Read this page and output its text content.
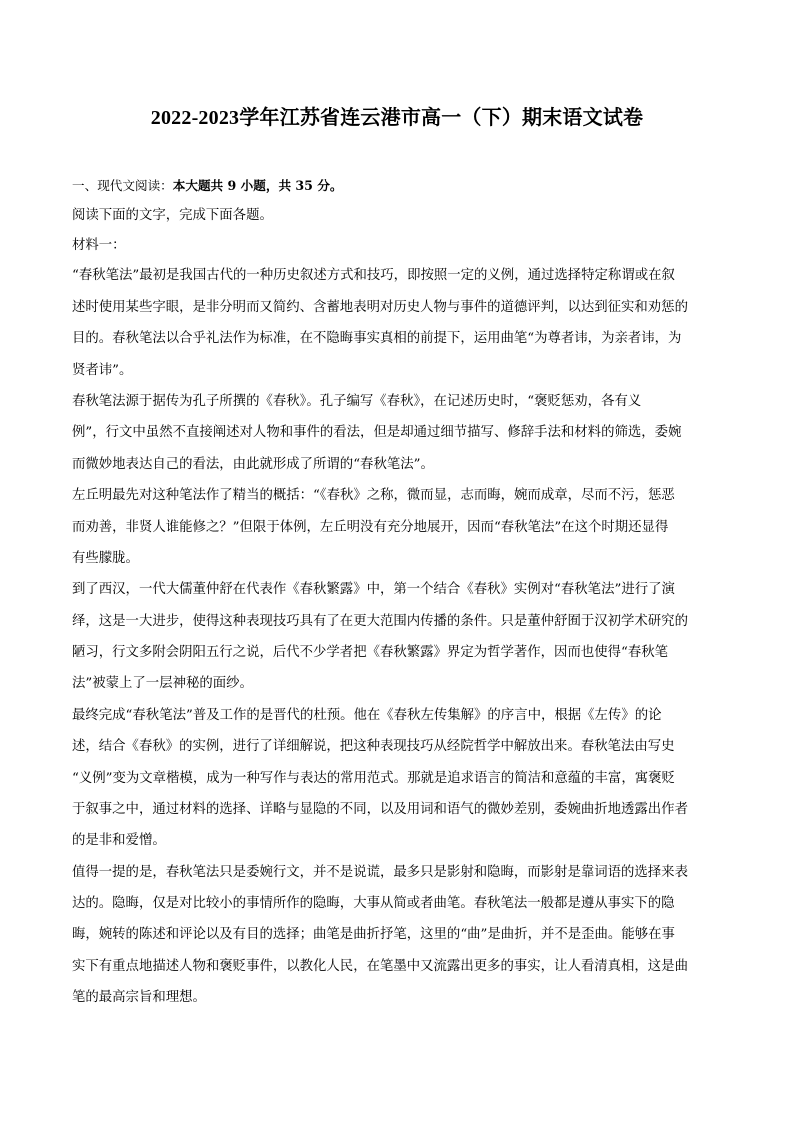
2022-2023学年江苏省连云港市高一（下）期末语文试卷
一、现代文阅读：本大题共 9 小题，共 35 分。
阅读下面的文字，完成下面各题。
材料一：
“春秋笔法”最初是我国古代的一种历史叙述方式和技巧，即按照一定的义例，通过选择特定称谓或在叙
述时使用某些字眼，是非分明而又简约、含蓄地表明对历史人物与事件的道德评判，以达到征实和劝惩的
目的。春秋笔法以合乎礼法作为标准，在不隐晦事实真相的前提下，运用曲笔“为尊者讳，为亲者讳，为
贤者讳”。
春秋笔法源于据传为孔子所撰的《春秋》。孔子编写《春秋》，在记述历史时，“褒贬惩劝，各有义
例”，行文中虽然不直接阐述对人物和事件的看法，但是却通过细节描写、修辞手法和材料的筛选，委婉
而微妙地表达自己的看法，由此就形成了所谓的“春秋笔法”。
左丘明最先对这种笔法作了精当的概括：“《春秋》之称，微而显，志而晦，婉而成章，尽而不污，惩恶
而劝善，非贤人谁能修之？”但限于体例，左丘明没有充分地展开，因而“春秋笔法”在这个时期还显得
有些朦胧。
到了西汉，一代大儒董仲舒在代表作《春秋繁露》中，第一个结合《春秋》实例对“春秋笔法”进行了演
绎，这是一大进步，使得这种表现技巧具有了在更大范围内传播的条件。只是董仲舒囿于汉初学术研究的
陋习，行文多附会阴阳五行之说，后代不少学者把《春秋繁露》界定为哲学著作，因而也使得“春秋笔
法”被蒙上了一层神秘的面纱。
最终完成“春秋笔法”普及工作的是晋代的杜预。他在《春秋左传集解》的序言中，根据《左传》的论
述，结合《春秋》的实例，进行了详细解说，把这种表现技巧从经院哲学中解放出来。春秋笔法由写史
“义例”变为文章楷模，成为一种写作与表达的常用范式。那就是追求语言的简洁和意蕴的丰富，寓褒贬
于叙事之中，通过材料的选择、详略与显隐的不同，以及用词和语气的微妙差别，委婉曲折地透露出作者
的是非和爱憎。
值得一提的是，春秋笔法只是委婉行文，并不是说谎，最多只是影射和隐晦，而影射是靠词语的选择来表
达的。隐晦，仅是对比较小的事情所作的隐晦，大事从简或者曲笔。春秋笔法一般都是遵从事实下的隐
晦，婉转的陈述和评论以及有目的选择；曲笔是曲折抒笔，这里的“曲”是曲折，并不是歪曲。能够在事
实下有重点地描述人物和褒贬事件，以教化人民，在笔墨中又流露出更多的事实，让人看清真相，这是曲
笔的最高宗旨和理想。
